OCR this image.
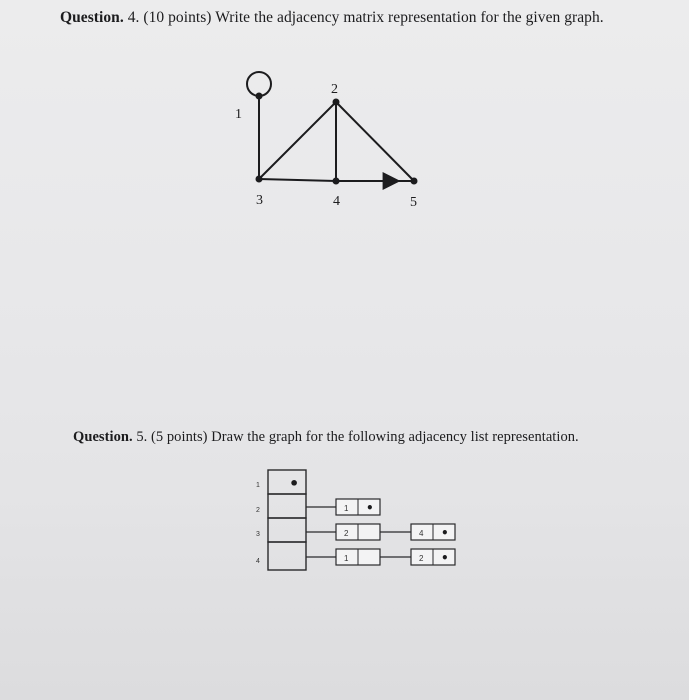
Question. 4. (10 points) Write the adjacency matrix representation for the given graph.
1
2
3	4	5
1
2
3
4
•
1
2	4
1	2
•
•
•
Question. 5. (5 points) Draw the graph for the following adjacency list representation.
